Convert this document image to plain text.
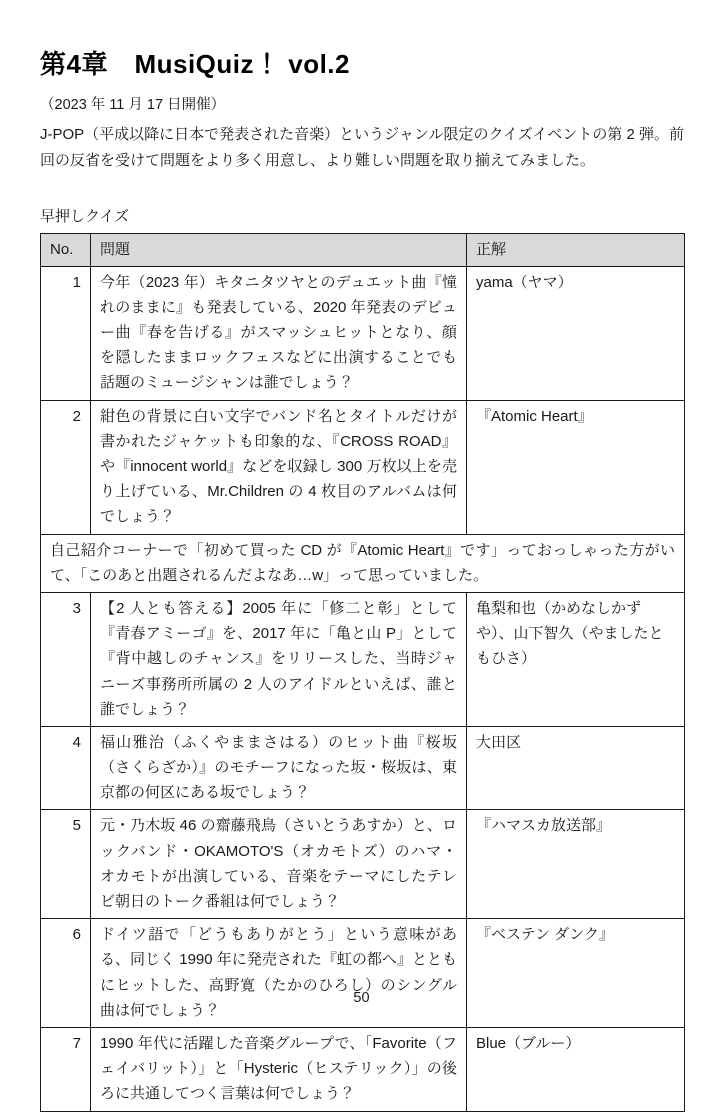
第4章　MusiQuiz！ vol.2

（2023 年 11 月 17 日開催）

J-POP（平成以降に日本で発表された音楽）というジャンル限定のクイズイベントの第 2 弾。前回の反省を受けて問題をより多く用意し、より難しい問題を取り揃えてみました。

早押しクイズ

No.	問題	正解
1	今年（2023 年）キタニタツヤとのデュエット曲『憧れのままに』も発表している、2020 年発表のデビュー曲『春を告げる』がスマッシュヒットとなり、顔を隠したままロックフェスなどに出演することでも話題のミュージシャンは誰でしょう？	yama（ヤマ）
2	紺色の背景に白い文字でバンド名とタイトルだけが書かれたジャケットも印象的な、『CROSS ROAD』や『innocent world』などを収録し 300 万枚以上を売り上げている、Mr.Children の 4 枚目のアルバムは何でしょう？	『Atomic Heart』
自己紹介コーナーで「初めて買った CD が『Atomic Heart』です」っておっしゃった方がいて、「このあと出題されるんだよなあ…w」って思っていました。		
3	【2 人とも答える】2005 年に「修二と彰」として『青春アミーゴ』を、2017 年に「亀と山 P」として『背中越しのチャンス』をリリースした、当時ジャニーズ事務所所属の 2 人のアイドルといえば、誰と誰でしょう？	亀梨和也（かめなしかずや）、山下智久（やましたともひさ）
4	福山雅治（ふくやままさはる）のヒット曲『桜坂（さくらざか）』のモチーフになった坂・桜坂は、東京都の何区にある坂でしょう？	大田区
5	元・乃木坂 46 の齋藤飛鳥（さいとうあすか）と、ロックバンド・OKAMOTO'S（オカモトズ）のハマ・オカモトが出演している、音楽をテーマにしたテレビ朝日のトーク番組は何でしょう？	『ハマスカ放送部』
6	ドイツ語で「どうもありがとう」という意味がある、同じく 1990 年に発売された『虹の都へ』とともにヒットした、高野寛（たかのひろし）のシングル曲は何でしょう？	『ベステン ダンク』
7	1990 年代に活躍した音楽グループで、「Favorite（フェイバリット）」と「Hysteric（ヒステリック）」の後ろに共通してつく言葉は何でしょう？	Blue（ブルー）
50
